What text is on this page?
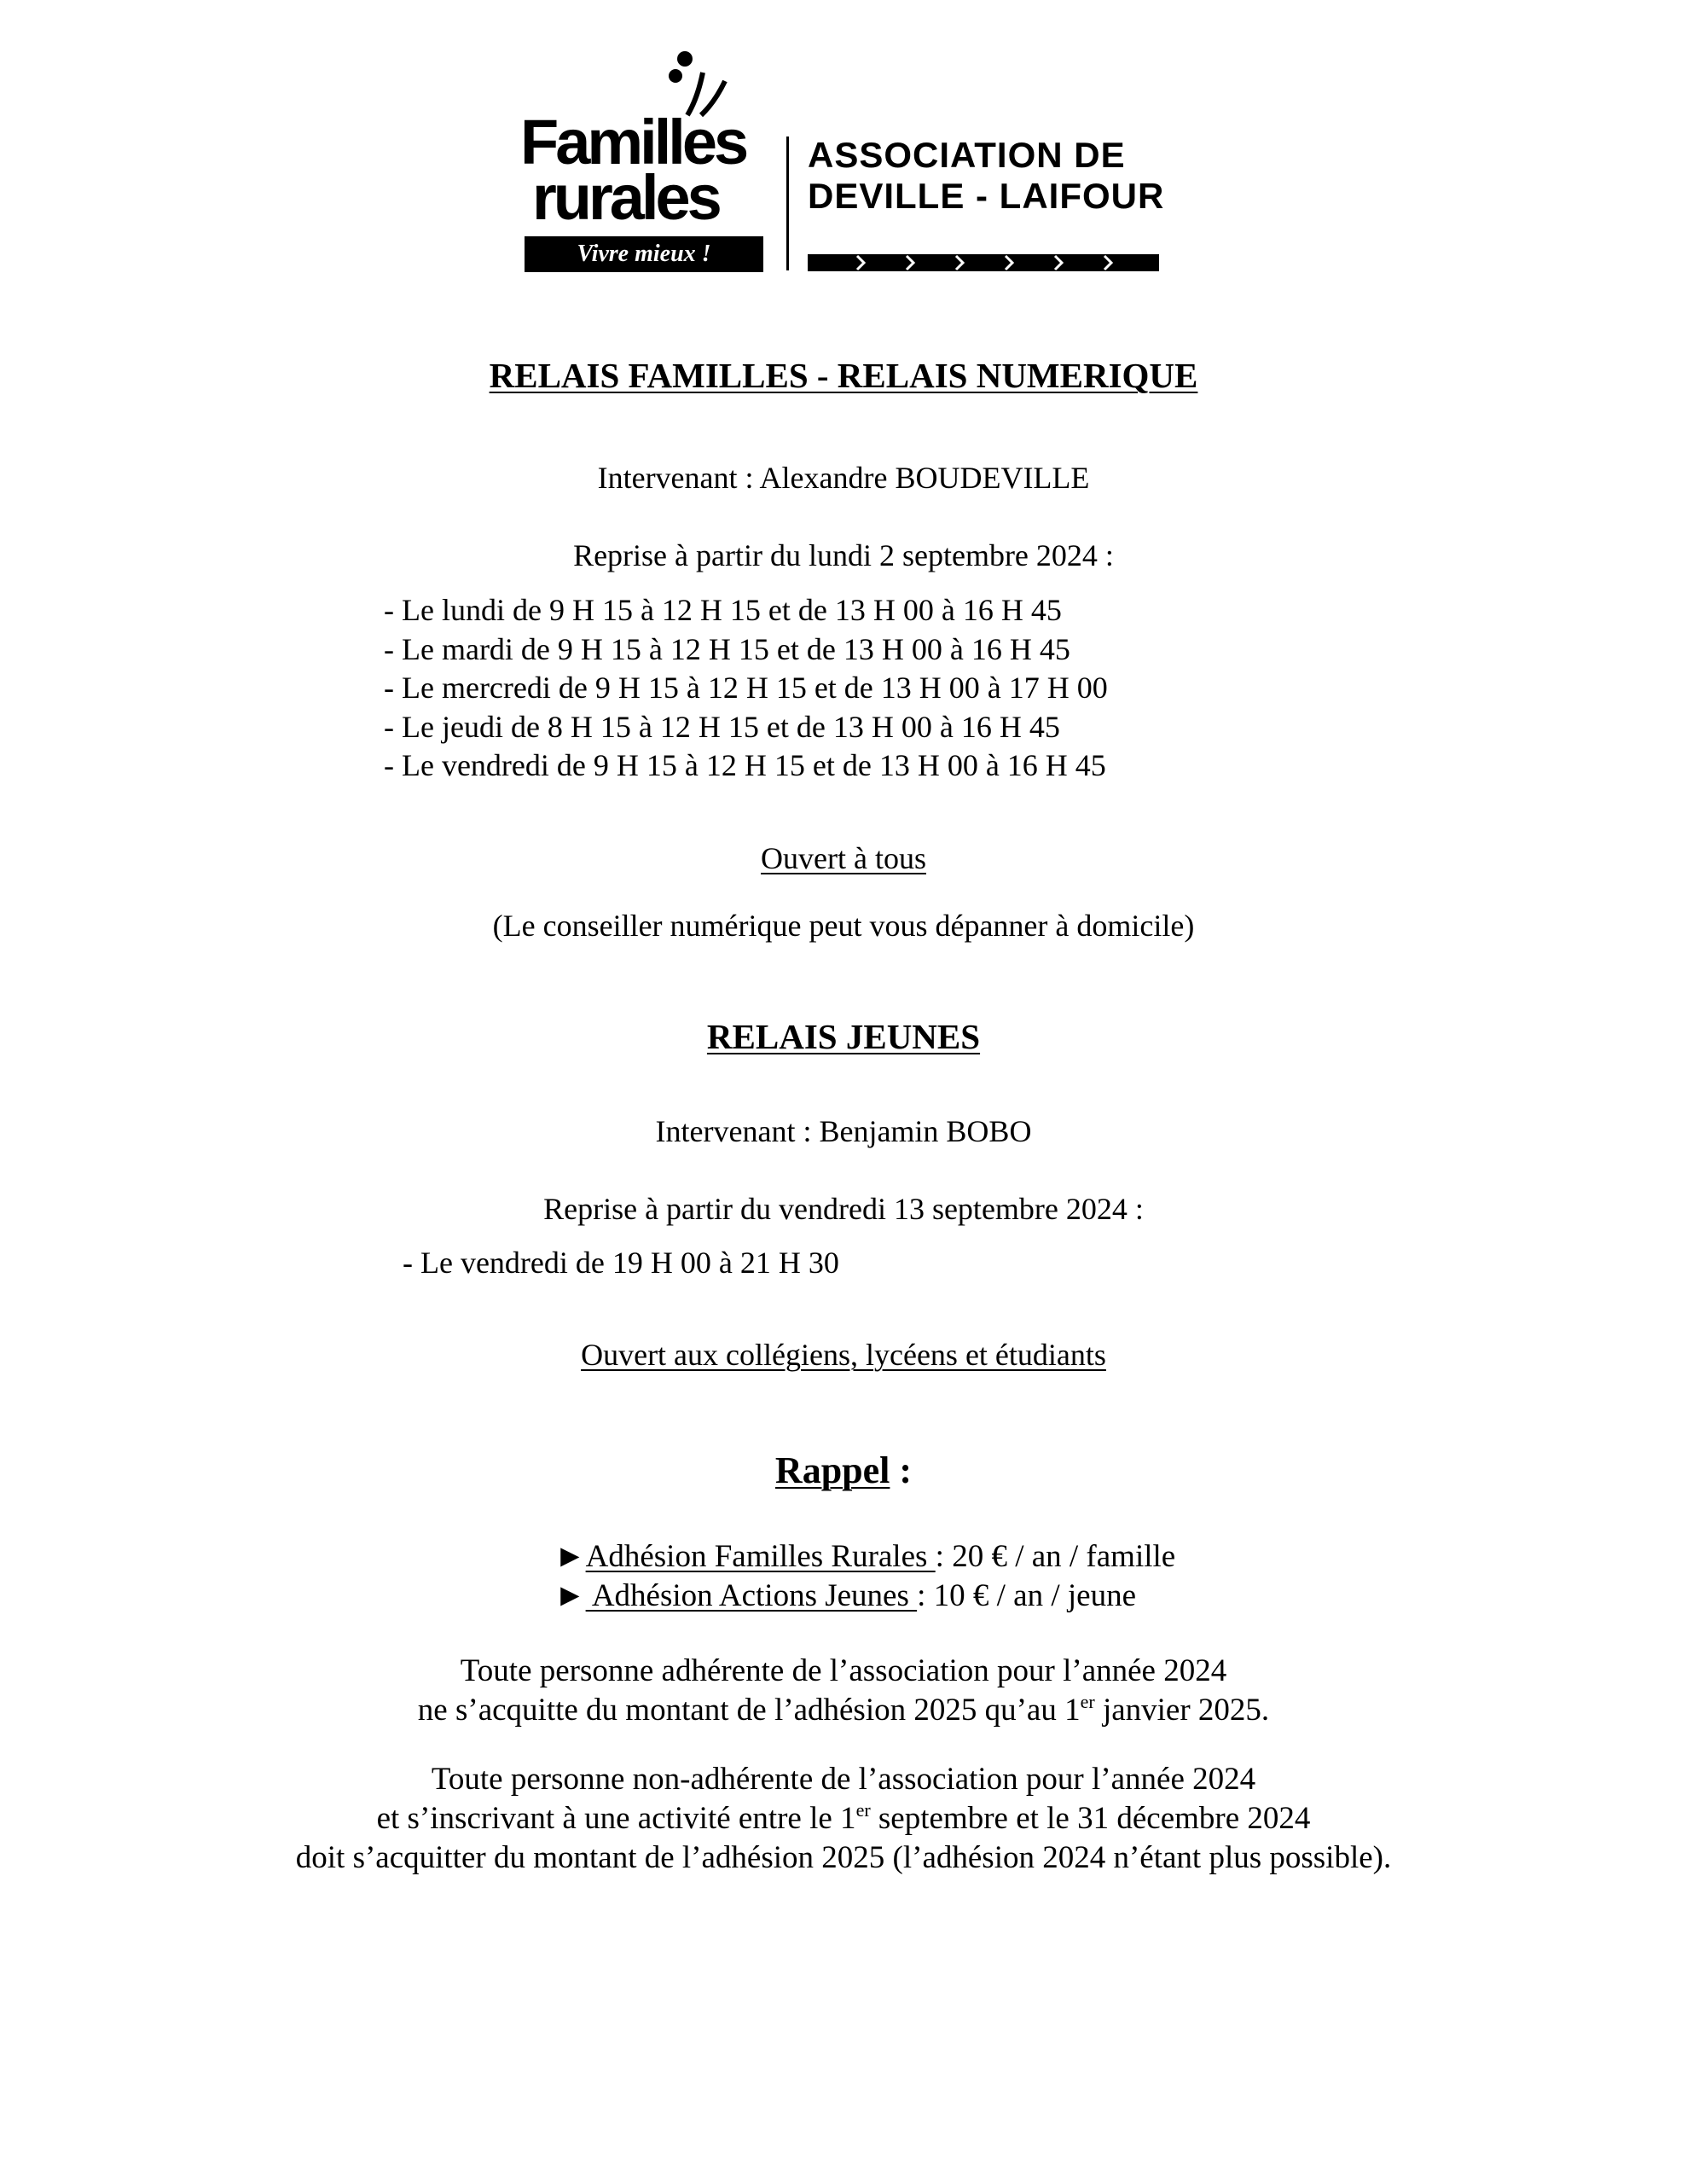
Familles
rurales
Vivre mieux !
ASSOCIATION DE
DEVILLE - LAIFOUR
RELAIS FAMILLES - RELAIS NUMERIQUE
Intervenant : Alexandre BOUDEVILLE
Reprise à partir du lundi 2 septembre 2024 :
- Le lundi de 9 H 15 à 12 H 15 et de 13 H 00 à 16 H 45
- Le mardi de 9 H 15 à 12 H 15 et de 13 H 00 à 16 H 45
- Le mercredi de 9 H 15 à 12 H 15 et de 13 H 00 à 17 H 00
- Le jeudi de 8 H 15 à 12 H 15 et de 13 H 00 à 16 H 45
- Le vendredi de 9 H 15 à 12 H 15 et de 13 H 00 à 16 H 45
Ouvert à tous
(Le conseiller numérique peut vous dépanner à domicile)
RELAIS JEUNES
Intervenant : Benjamin BOBO
Reprise à partir du vendredi 13 septembre 2024 :
- Le vendredi de 19 H 00 à 21 H 30
Ouvert aux collégiens, lycéens et étudiants
Rappel :
►Adhésion Familles Rurales : 20 € / an / famille
► Adhésion Actions Jeunes : 10 € / an / jeune
Toute personne adhérente de l’association pour l’année 2024
ne s’acquitte du montant de l’adhésion 2025 qu’au 1er janvier 2025.
Toute personne non-adhérente de l’association pour l’année 2024
et s’inscrivant à une activité entre le 1er septembre et le 31 décembre 2024
doit s’acquitter du montant de l’adhésion 2025 (l’adhésion 2024 n’étant plus possible).
